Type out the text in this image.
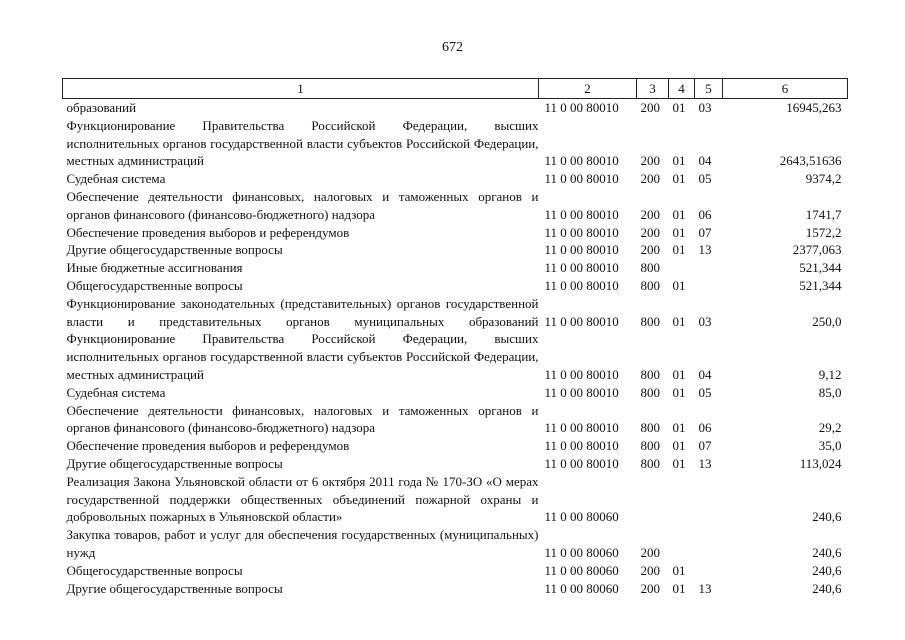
672
1	2	3	4	5	6
образований	11 0 00 80010	200	01	03	16945,263
Функционирование Правительства Российской Федерации, высших исполнительных органов государственной власти субъектов Российской Федерации, местных администраций	11 0 00 80010	200	01	04	2643,51636
Судебная система	11 0 00 80010	200	01	05	9374,2
Обеспечение деятельности финансовых, налоговых и таможенных органов и органов финансового (финансово-бюджетного) надзора	11 0 00 80010	200	01	06	1741,7
Обеспечение проведения выборов и референдумов	11 0 00 80010	200	01	07	1572,2
Другие общегосударственные вопросы	11 0 00 80010	200	01	13	2377,063
Иные бюджетные ассигнования	11 0 00 80010	800			521,344
Общегосударственные вопросы	11 0 00 80010	800	01		521,344
Функционирование законодательных (представительных) органов государственной власти и представительных органов муниципальных образований	11 0 00 80010	800	01	03	250,0
Функционирование Правительства Российской Федерации, высших исполнительных органов государственной власти субъектов Российской Федерации, местных администраций	11 0 00 80010	800	01	04	9,12
Судебная система	11 0 00 80010	800	01	05	85,0
Обеспечение деятельности финансовых, налоговых и таможенных органов и органов финансового (финансово-бюджетного) надзора	11 0 00 80010	800	01	06	29,2
Обеспечение проведения выборов и референдумов	11 0 00 80010	800	01	07	35,0
Другие общегосударственные вопросы	11 0 00 80010	800	01	13	113,024
Реализация Закона Ульяновской области от 6 октября 2011 года № 170-ЗО «О мерах государственной поддержки общественных объединений пожарной охраны и добровольных пожарных в Ульяновской области»	11 0 00 80060				240,6
Закупка товаров, работ и услуг для обеспечения государственных (муниципальных) нужд	11 0 00 80060	200			240,6
Общегосударственные вопросы	11 0 00 80060	200	01		240,6
Другие общегосударственные вопросы	11 0 00 80060	200	01	13	240,6
